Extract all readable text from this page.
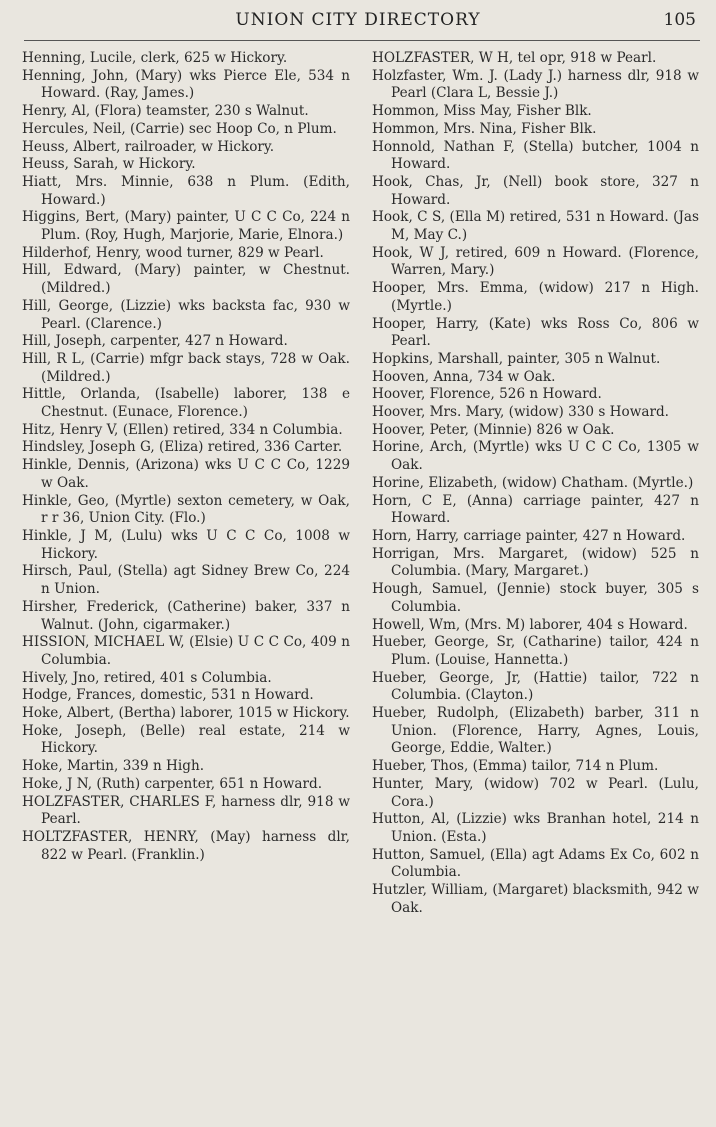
UNION CITY DIRECTORY	105

Henning, Lucile, clerk, 625 w Hickory.

Henning, John, (Mary) wks Pierce Ele, 534 n Howard. (Ray, James.)

Henry, Al, (Flora) teamster, 230 s Walnut.

Hercules, Neil, (Carrie) sec Hoop Co, n Plum.

Heuss, Albert, railroader, w Hickory.

Heuss, Sarah, w Hickory.

Hiatt, Mrs. Minnie, 638 n Plum. (Edith, Howard.)

Higgins, Bert, (Mary) painter, U C C Co, 224 n Plum. (Roy, Hugh, Marjorie, Marie, Elnora.)

Hilderhof, Henry, wood turner, 829 w Pearl.

Hill, Edward, (Mary) painter, w Chestnut. (Mildred.)

Hill, George, (Lizzie) wks backsta fac, 930 w Pearl. (Clarence.)

Hill, Joseph, carpenter, 427 n Howard.

Hill, R L, (Carrie) mfgr back stays, 728 w Oak. (Mildred.)

Hittle, Orlanda, (Isabelle) laborer, 138 e Chestnut. (Eunace, Florence.)

Hitz, Henry V, (Ellen) retired, 334 n Columbia.

Hindsley, Joseph G, (Eliza) retired, 336 Carter.

Hinkle, Dennis, (Arizona) wks U C C Co, 1229 w Oak.

Hinkle, Geo, (Myrtle) sexton cemetery, w Oak, r r 36, Union City. (Flo.)

Hinkle, J M, (Lulu) wks U C C Co, 1008 w Hickory.

Hirsch, Paul, (Stella) agt Sidney Brew Co, 224 n Union.

Hirsher, Frederick, (Catherine) baker, 337 n Walnut. (John, cigarmaker.)

HISSION, MICHAEL W, (Elsie) U C C Co, 409 n Columbia.

Hively, Jno, retired, 401 s Columbia.

Hodge, Frances, domestic, 531 n Howard.

Hoke, Albert, (Bertha) laborer, 1015 w Hickory.

Hoke, Joseph, (Belle) real estate, 214 w Hickory.

Hoke, Martin, 339 n High.

Hoke, J N, (Ruth) carpenter, 651 n Howard.

HOLZFASTER, CHARLES F, harness dlr, 918 w Pearl.

HOLTZFASTER, HENRY, (May) harness dlr, 822 w Pearl. (Franklin.)

HOLZFASTER, W H, tel opr, 918 w Pearl.

Holzfaster, Wm. J. (Lady J.) harness dlr, 918 w Pearl (Clara L, Bessie J.)

Hommon, Miss May, Fisher Blk.

Hommon, Mrs. Nina, Fisher Blk.

Honnold, Nathan F, (Stella) butcher, 1004 n Howard.

Hook, Chas, Jr, (Nell) book store, 327 n Howard.

Hook, C S, (Ella M) retired, 531 n Howard. (Jas M, May C.)

Hook, W J, retired, 609 n Howard. (Florence, Warren, Mary.)

Hooper, Mrs. Emma, (widow) 217 n High. (Myrtle.)

Hooper, Harry, (Kate) wks Ross Co, 806 w Pearl.

Hopkins, Marshall, painter, 305 n Walnut.

Hooven, Anna, 734 w Oak.

Hoover, Florence, 526 n Howard.

Hoover, Mrs. Mary, (widow) 330 s Howard.

Hoover, Peter, (Minnie) 826 w Oak.

Horine, Arch, (Myrtle) wks U C C Co, 1305 w Oak.

Horine, Elizabeth, (widow) Chatham. (Myrtle.)

Horn, C E, (Anna) carriage painter, 427 n Howard.

Horn, Harry, carriage painter, 427 n Howard.

Horrigan, Mrs. Margaret, (widow) 525 n Columbia. (Mary, Margaret.)

Hough, Samuel, (Jennie) stock buyer, 305 s Columbia.

Howell, Wm, (Mrs. M) laborer, 404 s Howard.

Hueber, George, Sr, (Catharine) tailor, 424 n Plum. (Louise, Hannetta.)

Hueber, George, Jr, (Hattie) tailor, 722 n Columbia. (Clayton.)

Hueber, Rudolph, (Elizabeth) barber, 311 n Union. (Florence, Harry, Agnes, Louis, George, Eddie, Walter.)

Hueber, Thos, (Emma) tailor, 714 n Plum.

Hunter, Mary, (widow) 702 w Pearl. (Lulu, Cora.)

Hutton, Al, (Lizzie) wks Branhan hotel, 214 n Union. (Esta.)

Hutton, Samuel, (Ella) agt Adams Ex Co, 602 n Columbia.

Hutzler, William, (Margaret) blacksmith, 942 w Oak.
